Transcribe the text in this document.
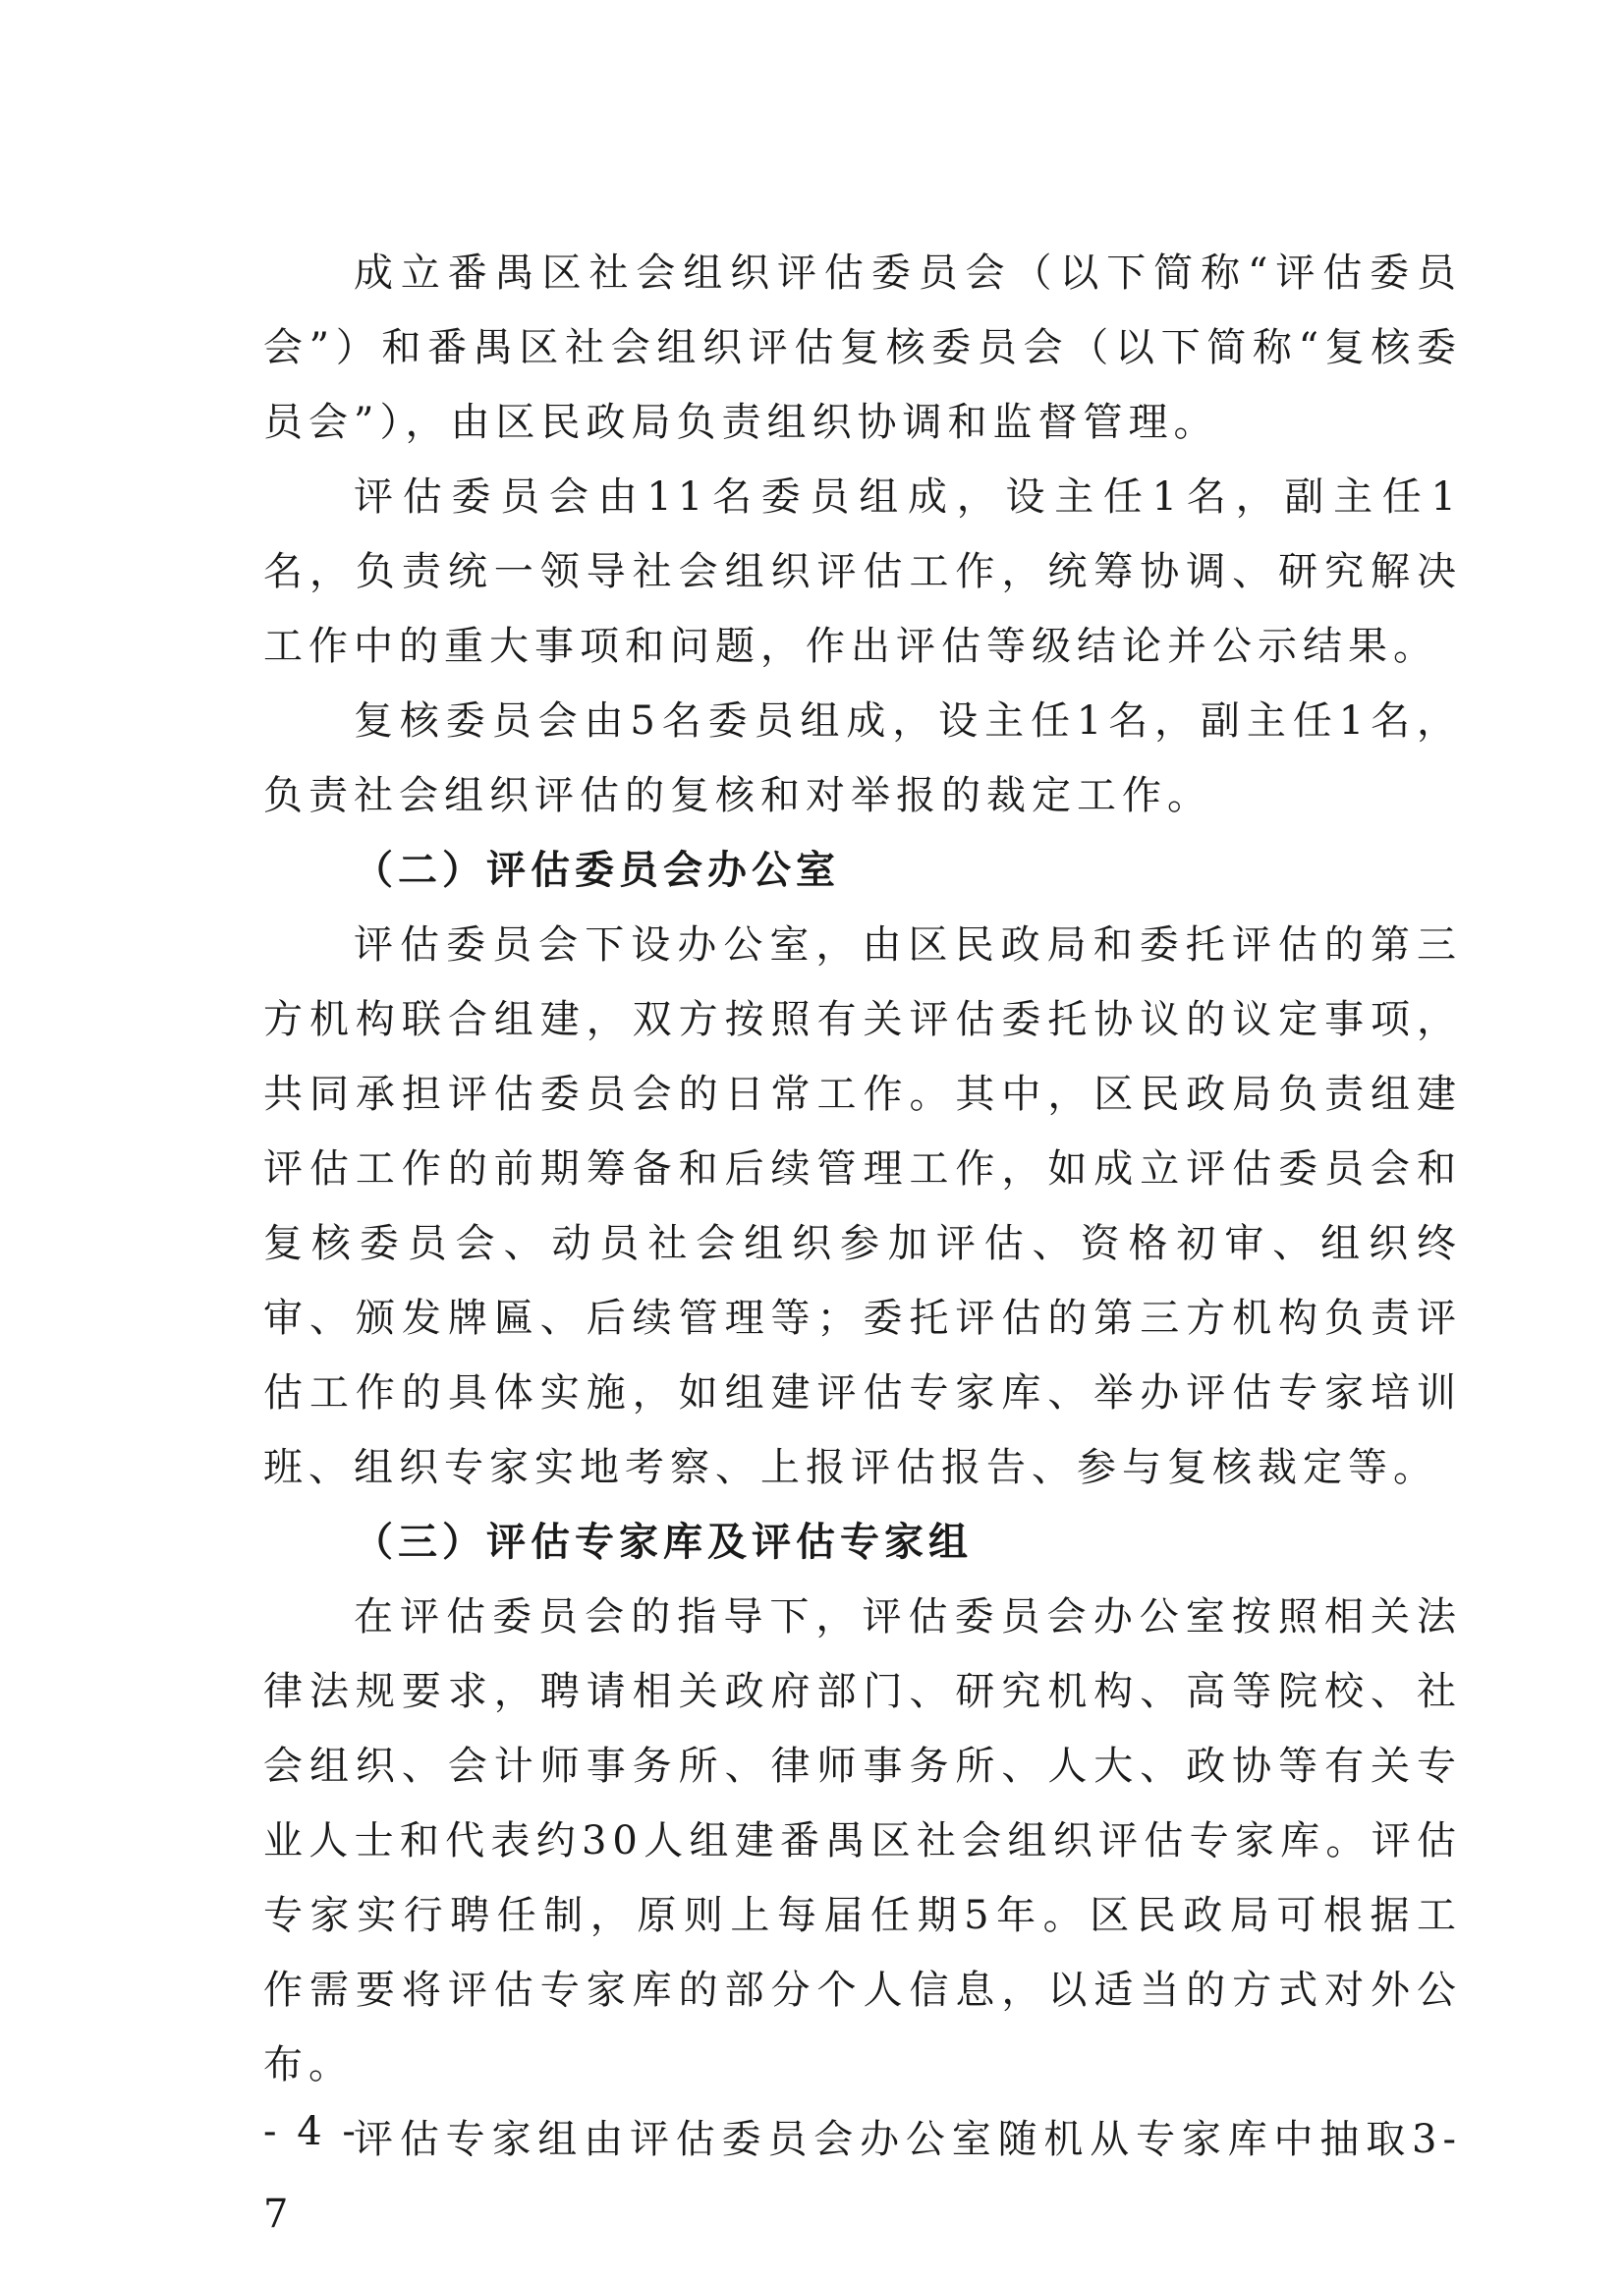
成立番禺区社会组织评估委员会（以下简称“评估委员会”）和番禺区社会组织评估复核委员会（以下简称“复核委员会”），由区民政局负责组织协调和监督管理。

评估委员会由11名委员组成，设主任1名，副主任1名，负责统一领导社会组织评估工作，统筹协调、研究解决工作中的重大事项和问题，作出评估等级结论并公示结果。

复核委员会由5名委员组成，设主任1名，副主任1名，负责社会组织评估的复核和对举报的裁定工作。

（二）评估委员会办公室

评估委员会下设办公室，由区民政局和委托评估的第三方机构联合组建，双方按照有关评估委托协议的议定事项，共同承担评估委员会的日常工作。其中，区民政局负责组建评估工作的前期筹备和后续管理工作，如成立评估委员会和复核委员会、动员社会组织参加评估、资格初审、组织终审、颁发牌匾、后续管理等；委托评估的第三方机构负责评估工作的具体实施，如组建评估专家库、举办评估专家培训班、组织专家实地考察、上报评估报告、参与复核裁定等。

（三）评估专家库及评估专家组

在评估委员会的指导下，评估委员会办公室按照相关法律法规要求，聘请相关政府部门、研究机构、高等院校、社会组织、会计师事务所、律师事务所、人大、政协等有关专业人士和代表约30人组建番禺区社会组织评估专家库。评估专家实行聘任制，原则上每届任期5年。区民政局可根据工作需要将评估专家库的部分个人信息，以适当的方式对外公布。

评估专家组由评估委员会办公室随机从专家库中抽取3-7

- 4 -
